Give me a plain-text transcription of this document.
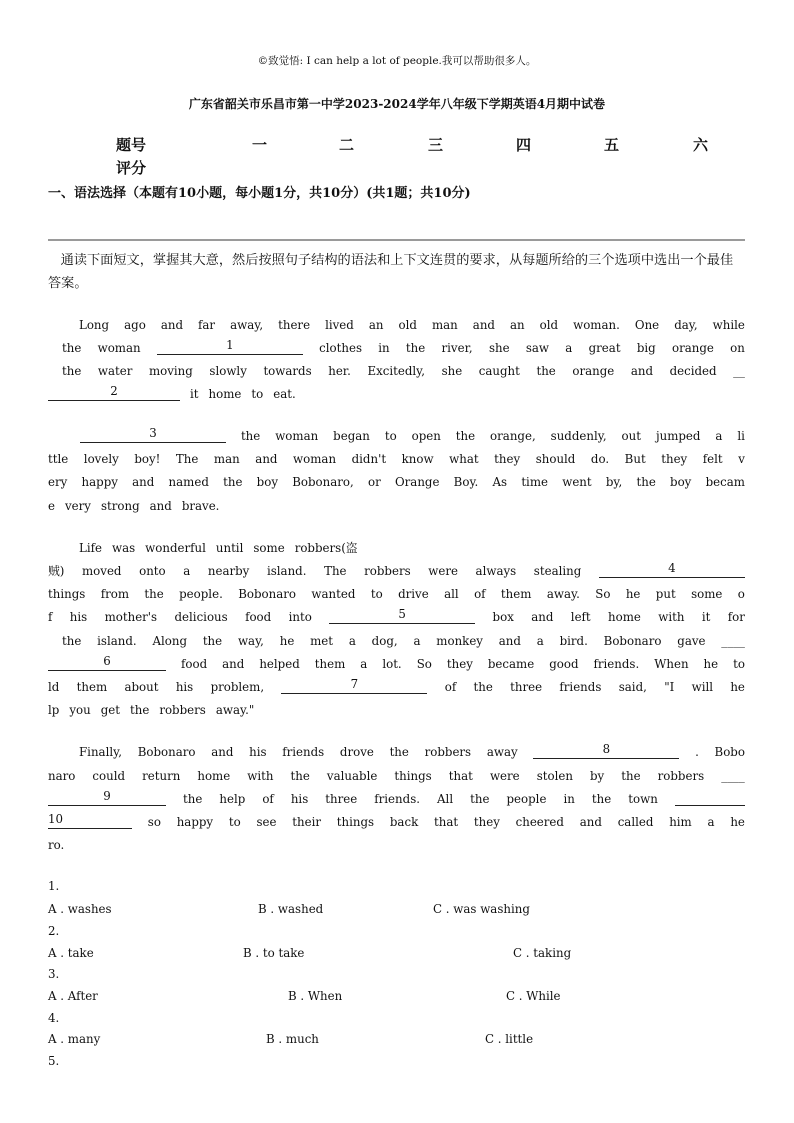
©致觉悟: I can help a lot of people.我可以帮助很多人。
广东省韶关市乐昌市第一中学2023-2024学年八年级下学期英语4月期中试卷
题号	一	二	三	四	五	六
评分
一、语法选择（本题有10小题，每小题1分，共10分）(共1题；共10分)
通读下面短文，掌握其大意，然后按照句子结构的语法和上下文连贯的要求，从每题所给的三个选项中选出一个最佳答案。
Long ago and far away, there lived an old man and an old woman. One day, while
the woman	1	clothes in the river, she saw a great big orange on
the water moving slowly towards her. Excitedly, she caught the orange and decided __
2	it home to eat.
3	the woman began to open the orange, suddenly, out jumped a li
ttle lovely boy! The man and woman didn't know what they should do. But they felt v
ery happy and named the boy Bobonaro, or Orange Boy. As time went by, the boy becam
e very strong and brave.
Life was wonderful until some robbers(盗
贼) moved onto a nearby island. The robbers were always stealing	4
things from the people. Bobonaro wanted to drive all of them away. So he put some o
f his mother's delicious food into	5	box and left home with it for
the island. Along the way, he met a dog, a monkey and a bird. Bobonaro gave ____
6	food and helped them a lot. So they became good friends. When he to
ld them about his problem,	7	of the three friends said, "I will he
lp you get the robbers away."
Finally, Bobonaro and his friends drove the robbers away	8	. Bobo
naro could return home with the valuable things that were stolen by the robbers ____
9	the help of his three friends. All the people in the town
10	so happy to see their things back that they cheered and called him a he
ro.
1.
A . washes	B . washed	C . was washing
2.
A . take	B . to take	C . taking
3.
A . After	B . When	C . While
4.
A . many	B . much	C . little
5.
